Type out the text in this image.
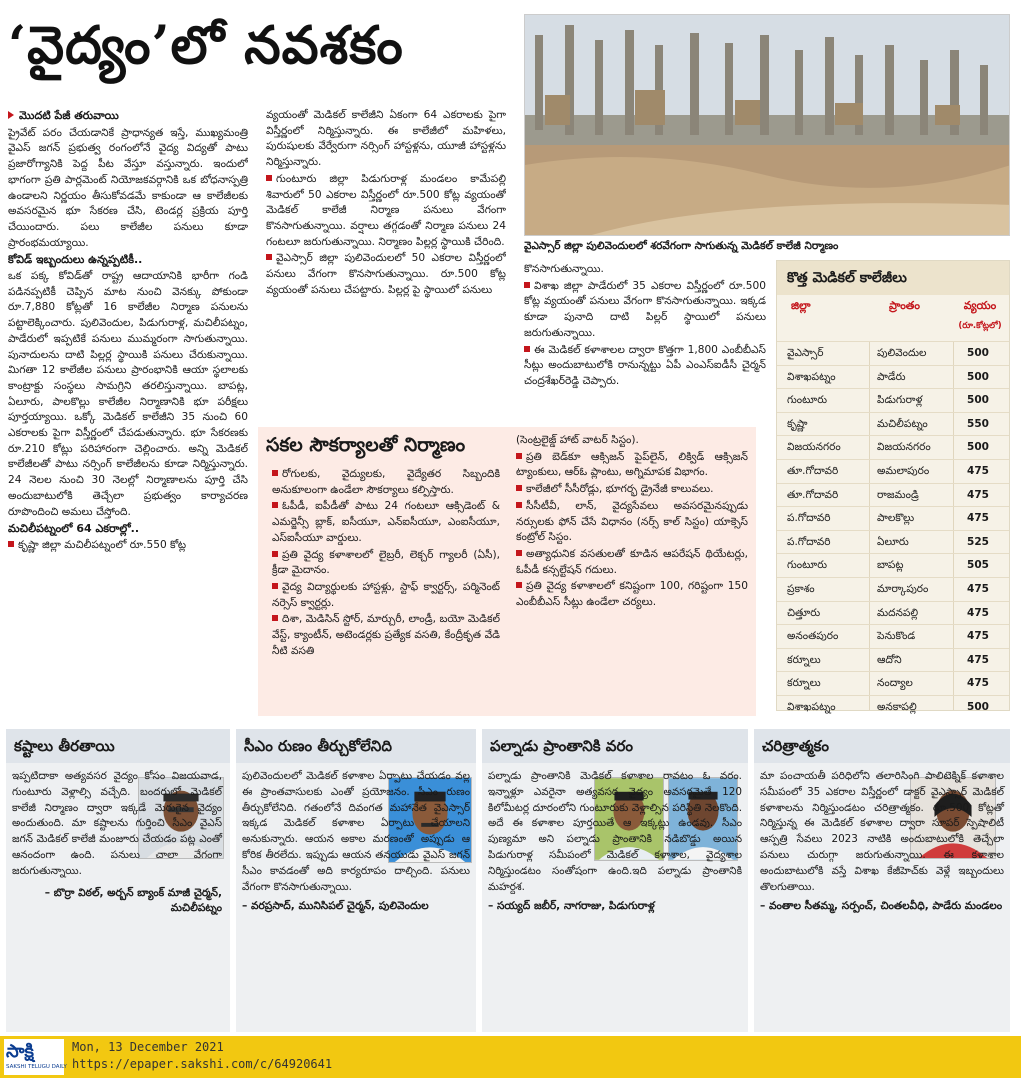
‘వైద్యం’లో నవశకం
వైఎస్సార్ జిల్లా పులివెందులలో శరవేగంగా సాగుతున్న మెడికల్ కాలేజీ నిర్మాణం

మొదటి పేజీ తరువాయి

ప్రైవేట్ పరం చేయడానికే ప్రాధాన్యత ఇస్తే, ముఖ్యమంత్రి వైఎస్ జగన్ ప్రభుత్వ రంగంలోనే వైద్య విద్యతో పాటు ప్రజారోగ్యానికి పెద్ద పీట వేస్తూ వస్తున్నారు. ఇందులో భాగంగా ప్రతి పార్లమెంట్ నియోజకవర్గానికి ఒక బోధనాస్పత్రి ఉండాలని నిర్ణయం తీసుకోవడమే కాకుండా ఆ కాలేజీలకు అవసరమైన భూ సేకరణ చేసి, టెండర్ల ప్రక్రియ పూర్తి చేయిందారు. పలు కాలేజీల పనులు కూడా ప్రారంభమయ్యాయి.

కోవిడ్ ఇబ్బందులు ఉన్నప్పటికీ..

ఒక పక్క కోవిడ్‌తో రాష్ట్ర ఆదాయానికి భారీగా గండి పడినప్పటికీ చెప్పిన మాట నుంచి వెనక్కు పోకుండా రూ.7,880 కోట్లతో 16 కాలేజీల నిర్మాణ పనులను పట్టాలెక్కించారు. పులివెందుల, పిడుగురాళ్ల, మచిలీపట్నం, పాడేరులో ఇప్పటికే పనులు ముమ్మరంగా సాగుతున్నాయి. పునాదులను దాటి పిల్లర్ల స్థాయికి పనులు చేరుకున్నాయి. మిగతా 12 కాలేజీల పనులు ప్రారంభానికి ఆయా స్థలాలకు కాంట్రాక్టు సంస్థలు సామగ్రిని తరలిస్తున్నాయి. బాపట్ల, ఏలూరు, పాలకొల్లు కాలేజీల నిర్మాణానికి భూ పరీక్షలు పూర్తయ్యాయి. ఒక్కో మెడికల్ కాలేజీని 35 నుంచి 60 ఎకరాలకు పైగా విస్తీర్ణంలో చేపడుతున్నారు. భూ సేకరణకు రూ.210 కోట్లు పరిహారంగా చెల్లించారు. అన్ని మెడికల్ కాలేజీలతో పాటు నర్సింగ్ కాలేజీలను కూడా నిర్మిస్తున్నారు. 24 నెలల నుంచి 30 నెలల్లో నిర్మాణాలను పూర్తి చేసి అందుబాటులోకి తెచ్చేలా ప్రభుత్వం కార్యాచరణ రూపొందించి అమలు చేస్తోంది.

మచిలీపట్నంలో 64 ఎకరాల్లో..

కృష్ణా జిల్లా మచిలీపట్నంలో రూ.550 కోట్ల

వ్యయంతో మెడికల్ కాలేజీని ఏకంగా 64 ఎకరాలకు పైగా విస్తీర్ణంలో నిర్మిస్తున్నారు. ఈ కాలేజీలో మహిళలు, పురుషులకు వేర్వేరుగా నర్సింగ్ హాస్టళ్లను, యూజీ హాస్టళ్లను నిర్మిస్తున్నారు.

గుంటూరు జిల్లా పిడుగురాళ్ల మండలం కామేపల్లి శివారులో 50 ఎకరాల విస్తీర్ణంలో రూ.500 కోట్ల వ్యయంతో మెడికల్ కాలేజీ నిర్మాణ పనులు వేగంగా కొనసాగుతున్నాయి. వర్షాలు తగ్గడంతో నిర్మాణ పనులు 24 గంటలూ జరుగుతున్నాయి. నిర్మాణం పిల్లర్ల స్థాయికి చేరింది.

వైఎస్సార్ జిల్లా పులివెందులలో 50 ఎకరాల విస్తీర్ణంలో పనులు వేగంగా కొనసాగుతున్నాయి. రూ.500 కోట్ల వ్యయంతో పనులు చేపట్టారు. పిల్లర్ల పై స్థాయిలో పనులు

కొనసాగుతున్నాయి.

విశాఖ జిల్లా పాడేరులో 35 ఎకరాల విస్తీర్ణంలో రూ.500 కోట్ల వ్యయంతో పనులు వేగంగా కొనసాగుతున్నాయి. ఇక్కడ కూడా పునాది దాటి పిల్లర్ స్థాయిలో పనులు జరుగుతున్నాయి.

ఈ మెడికల్ కళాశాలల ద్వారా కొత్తగా 1,800 ఎంబీబీఎస్ సీట్లు అందుబాటులోకి రానున్నట్టు ఏపీ ఎంఎస్ఐడీసీ చైర్మన్ చంద్రశేఖర్‌రెడ్డి చెప్పారు.

సకల సౌకర్యాలతో నిర్మాణం

రోగులకు, వైద్యులకు, వైద్యేతర సిబ్బందికి అనుకూలంగా ఉండేలా సౌకర్యాలు కల్పిస్తారు.

ఓపీడీ, ఐపీడీతో పాటు 24 గంటలూ ఆక్సిడెంట్ & ఎమర్జెన్సీ బ్లాక్, ఐసీయూ, ఎన్ఐసీయూ, ఎంఐసీయూ, ఎస్ఐసీయూ వార్డులు.

ప్రతి వైద్య కళాశాలలో లైబ్రరీ, లెక్చర్ గ్యాలరీ (ఏసీ), క్రీడా మైదానం.

వైద్య విద్యార్థులకు హాస్టళ్లు, స్టాఫ్ క్వార్టర్స్, పర్మినెంట్ నర్సెస్ క్వార్టర్లు.

దిశా, మెడిసిన్ స్టోర్, మార్చురీ, లాండ్రీ, బయో మెడికల్ వేస్ట్, క్యాంటీన్, అటెండర్లకు ప్రత్యేక వసతి, కేంద్రీకృత వేడి నీటి వసతి

(సెంట్రలైజ్డ్ హాట్ వాటర్ సిస్టం).

ప్రతి బెడ్‌కూ ఆక్సిజన్ పైప్‌లైన్, లిక్విడ్ ఆక్సిజన్ ట్యాంకులు, ఆర్ఓ ప్లాంటు, అగ్నిమాపక విభాగం.

కాలేజీలో సీసీరోడ్లు, భూగర్భ డ్రైనేజీ కాలువలు.

సీసీటీవీ, లాన్, వైద్యసేవలు అవసరమైనప్పుడు నర్సులకు ఫోన్ చేసే విధానం (నర్స్ కాల్ సిస్టం) యాక్సెస్ కంట్రోల్ సిస్టం.

అత్యాధునిక వసతులతో కూడిన ఆపరేషన్ థియేటర్లు, ఓపీడీ కన్సల్టేషన్ గదులు.

ప్రతి వైద్య కళాశాలలో కనిష్టంగా 100, గరిష్టంగా 150 ఎంబీబీఎస్ సీట్లు ఉండేలా చర్యలు.

కొత్త మెడికల్ కాలేజీలు
జిల్లా	ప్రాంతం	వ్యయం
(రూ.కోట్లలో)
వైఎస్సార్	పులివెందుల	500
విశాఖపట్నం	పాడేరు	500
గుంటూరు	పిడుగురాళ్ల	500
కృష్ణా	మచిలీపట్నం	550
విజయనగరం	విజయనగరం	500
తూ.గోదావరి	అమలాపురం	475
తూ.గోదావరి	రాజమండ్రి	475
ప.గోదావరి	పాలకొల్లు	475
ప.గోదావరి	ఏలూరు	525
గుంటూరు	బాపట్ల	505
ప్రకాశం	మార్కాపురం	475
చిత్తూరు	మదనపల్లి	475
అనంతపురం	పెనుకొండ	475
కర్నూలు	ఆదోని	475
కర్నూలు	నంద్యాల	475
విశాఖపట్నం	అనకాపల్లి	500
కష్టాలు తీరతాయి

ఇప్పటిదాకా అత్యవసర వైద్యం కోసం విజయవాడ, గుంటూరు వెళ్లాల్సి వచ్చేది. బందరులో మెడికల్ కాలేజీ నిర్మాణం ద్వారా ఇక్కడే మెరుగైన వైద్యం అందుతుంది. మా కష్టాలను గుర్తించి సీఎం వైఎస్ జగన్ మెడికల్ కాలేజీ మంజూరు చేయడం పట్ల ఎంతో ఆనందంగా ఉంది. పనులు చాలా వేగంగా జరుగుతున్నాయి.

– బొర్రా విఠల్, అర్బన్ బ్యాంక్ మాజీ చైర్మన్, మచిలీపట్నం

సీఎం రుణం తీర్చుకోలేనిది

పులివెందులలో మెడికల్ కళాశాల ఏర్పాటు చేయడం వల్ల ఈ ప్రాంతవాసులకు ఎంతో ప్రయోజనం. సీఎం రుణం తీర్చుకోలేనిది. గతంలోనే దివంగత మహానేత వైఎస్సార్ ఇక్కడ మెడికల్ కళాశాల ఏర్పాటు చేయాలని అనుకున్నారు. ఆయన అకాల మరణంతో అప్పుడు ఆ కోరిక తీరలేదు. ఇప్పుడు ఆయన తనయుడు వైఎస్ జగన్ సీఎం కావడంతో అది కార్యరూపం దాల్చింది. పనులు వేగంగా కొనసాగుతున్నాయి.

– వరప్రసాద్, మునిసిపల్ చైర్మన్, పులివెందుల

పల్నాడు ప్రాంతానికి వరం

పల్నాడు ప్రాంతానికి మెడికల్ కళాశాల రావటం ఓ వరం. ఇన్నాళ్లూ ఎవరైనా అత్యవసర వైద్యం అవసరమైతే 120 కిలోమీటర్ల దూరంలోని గుంటూరుకు వెళ్లాల్సిన పరిస్థితి నెలకొంది. అదే ఈ కళాశాల పూర్తయితే ఆ ఇక్కట్లు ఉండవు. సీఎం పుణ్యమా అని పల్నాడు ప్రాంతానికి నడిబొడ్డు అయిన పిడుగురాళ్ల సమీపంలో మెడికల్ కళాశాల, వైద్యశాల నిర్మిస్తుండటం సంతోషంగా ఉంది.ఇది పల్నాడు ప్రాంతానికి మహర్దశ.

– సయ్యద్ జబీర్, నాగరాజు, పిడుగురాళ్ల

చరిత్రాత్మకం

మా పంచాయతీ పరిధిలోని తలారిసింగి పాలిటెక్నిక్ కళాశాల సమీపంలో 35 ఎకరాల విస్తీర్ణంలో డాక్టర్ వైఎస్సార్ మెడికల్ కళాశాలను నిర్మిస్తుండటం చరిత్రాత్మకం. రూ.500 కోట్లతో నిర్మిస్తున్న ఈ మెడికల్ కళాశాల ద్వారా సూపర్ స్పెషాలిటీ ఆస్పత్రి సేవలు 2023 నాటికి అందుబాటులోకి తెచ్చేలా పనులు చురుగ్గా జరుగుతున్నాయి. ఈ కళాశాల అందుబాటులోకి వస్తే విశాఖ కేజీహెచ్‌కు వెళ్లే ఇబ్బందులు తొలగుతాయి.

– వంతాల సీతమ్మ, సర్పంచ్, చింతలవీధి, పాడేరు మండలం

సాక్షి
SAKSHI TELUGU DAILY
Mon, 13 December 2021
https://epaper.sakshi.com/c/64920641
